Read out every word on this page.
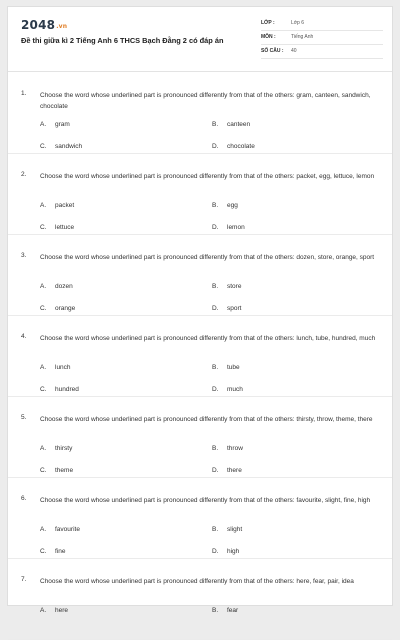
2048.vn
Đề thi giữa kì 2 Tiếng Anh 6 THCS Bạch Đằng 2 có đáp án
LỚP :	Lớp 6
MÔN :	Tiếng Anh
SỐ CÂU : 40
1. Choose the word whose underlined part is pronounced differently from that of the others: gram, canteen, sandwich, chocolate
A. gram	B. canteen
C. sandwich	D. chocolate
2. Choose the word whose underlined part is pronounced differently from that of the others: packet, egg, lettuce, lemon
A. packet	B. egg
C. lettuce	D. lemon
3. Choose the word whose underlined part is pronounced differently from that of the others: dozen, store, orange, sport
A. dozen	B. store
C. orange	D. sport
4. Choose the word whose underlined part is pronounced differently from that of the others: lunch, tube, hundred, much
A. lunch	B. tube
C. hundred	D. much
5. Choose the word whose underlined part is pronounced differently from that of the others: thirsty, throw, theme, there
A. thirsty	B. throw
C. theme	D. there
6. Choose the word whose underlined part is pronounced differently from that of the others: favourite, slight, fine, high
A. favourite	B. slight
C. fine	D. high
7. Choose the word whose underlined part is pronounced differently from that of the others: here, fear, pair, idea
A. here	B. fear
